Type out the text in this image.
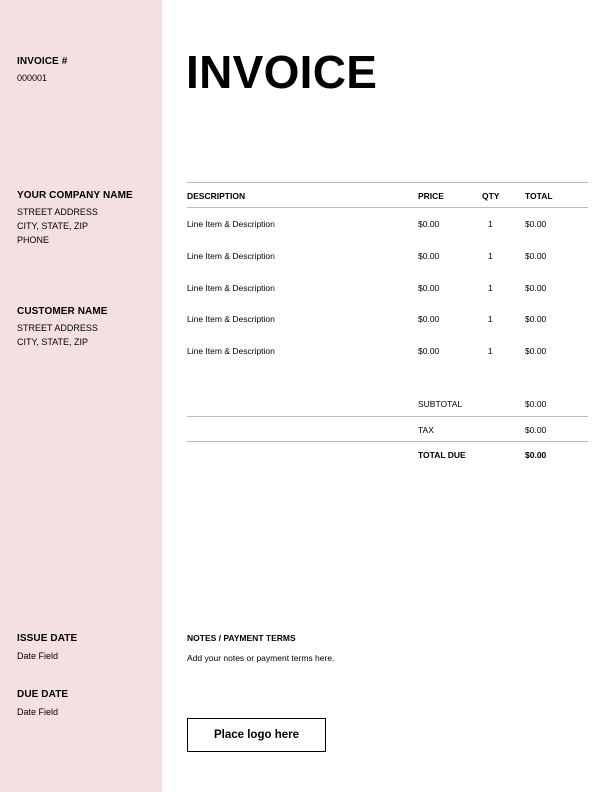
INVOICE #
000001
YOUR COMPANY NAME
STREET ADDRESS
CITY, STATE, ZIP
PHONE
CUSTOMER NAME
STREET ADDRESS
CITY, STATE, ZIP
ISSUE DATE
Date Field
DUE DATE
Date Field
INVOICE
DESCRIPTION	PRICE	QTY	TOTAL
Line Item & Description	$0.00	1	$0.00
Line Item & Description	$0.00	1	$0.00
Line Item & Description	$0.00	1	$0.00
Line Item & Description	$0.00	1	$0.00
Line Item & Description	$0.00	1	$0.00
SUBTOTAL	$0.00
TAX	$0.00
TOTAL DUE	$0.00
NOTES / PAYMENT TERMS
Add your notes or payment terms here.
Place logo here
